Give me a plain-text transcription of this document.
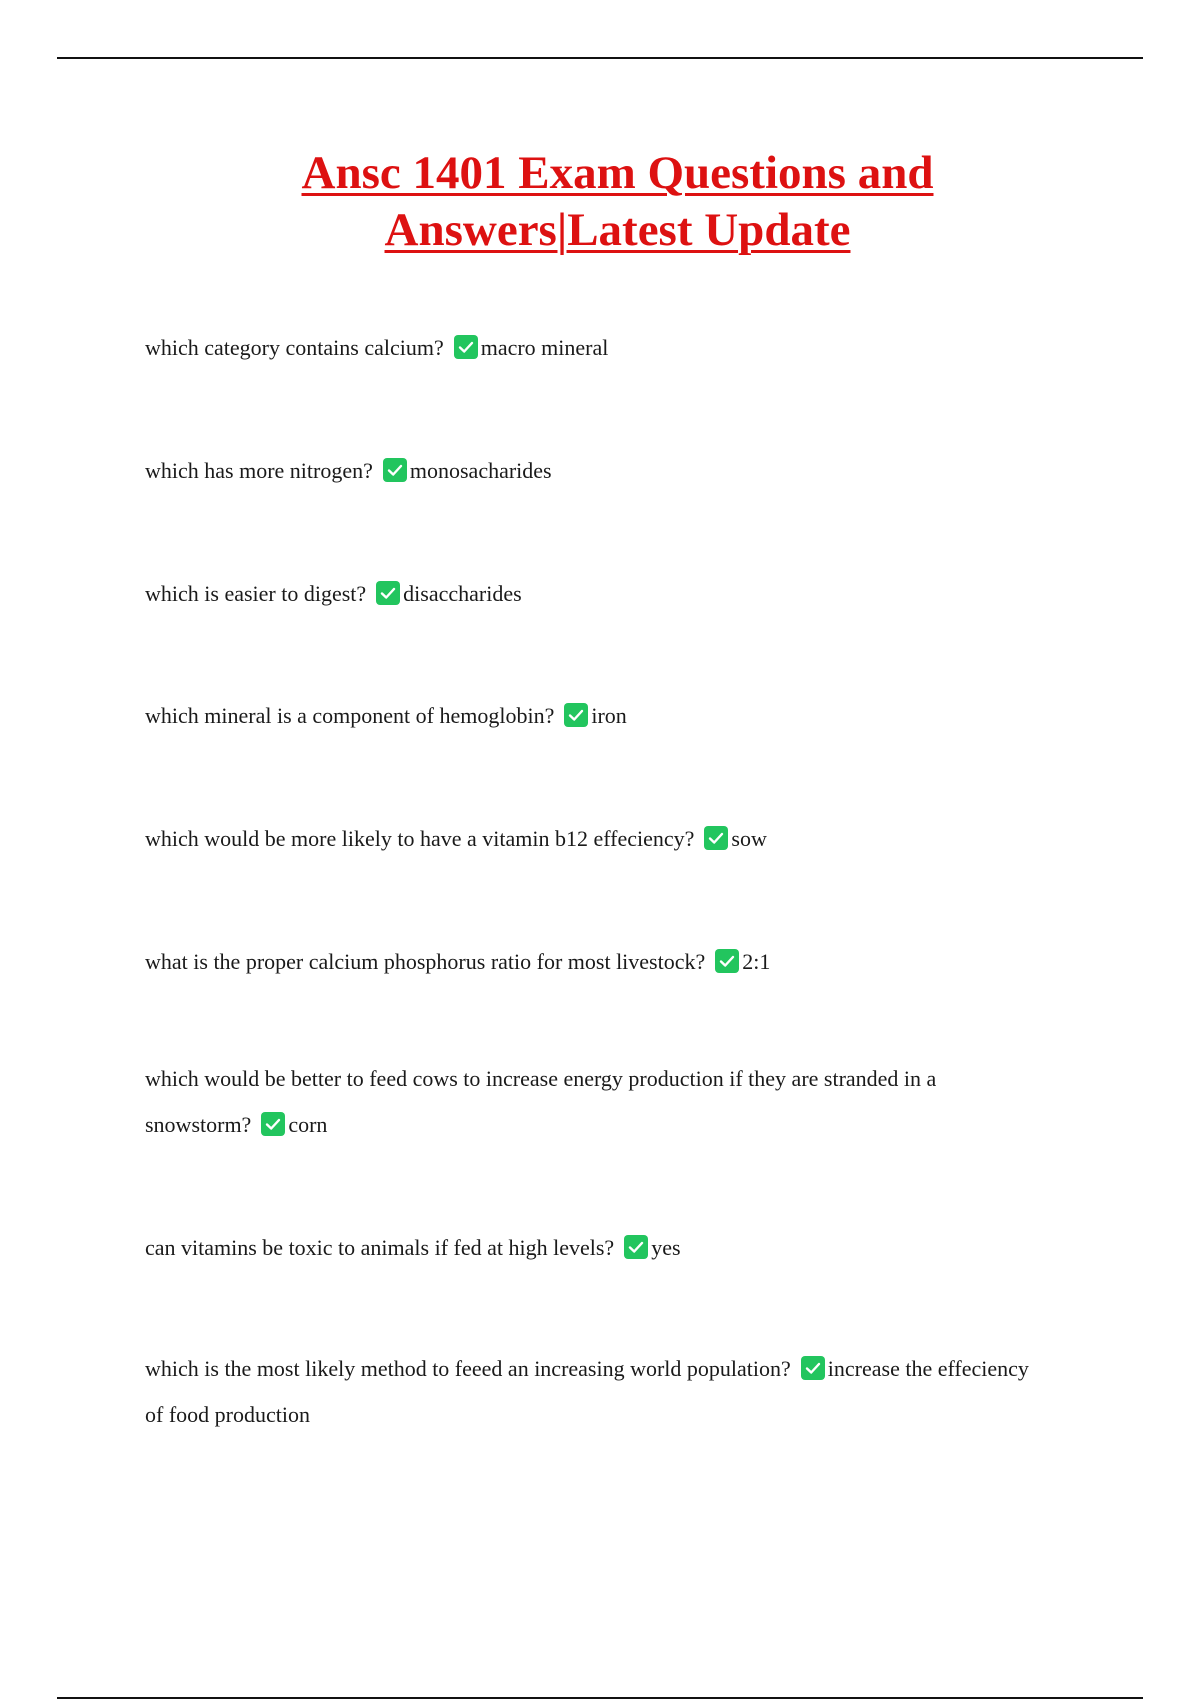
Ansc 1401 Exam Questions and
Answers|Latest Update

which category contains calcium? macro mineral

which has more nitrogen? monosacharides

which is easier to digest? disaccharides

which mineral is a component of hemoglobin? iron

which would be more likely to have a vitamin b12 effeciency? sow

what is the proper calcium phosphorus ratio for most livestock? 2:1

which would be better to feed cows to increase energy production if they are stranded in a snowstorm? corn

can vitamins be toxic to animals if fed at high levels? yes

which is the most likely method to feeed an increasing world population? increase the effeciency of food production
